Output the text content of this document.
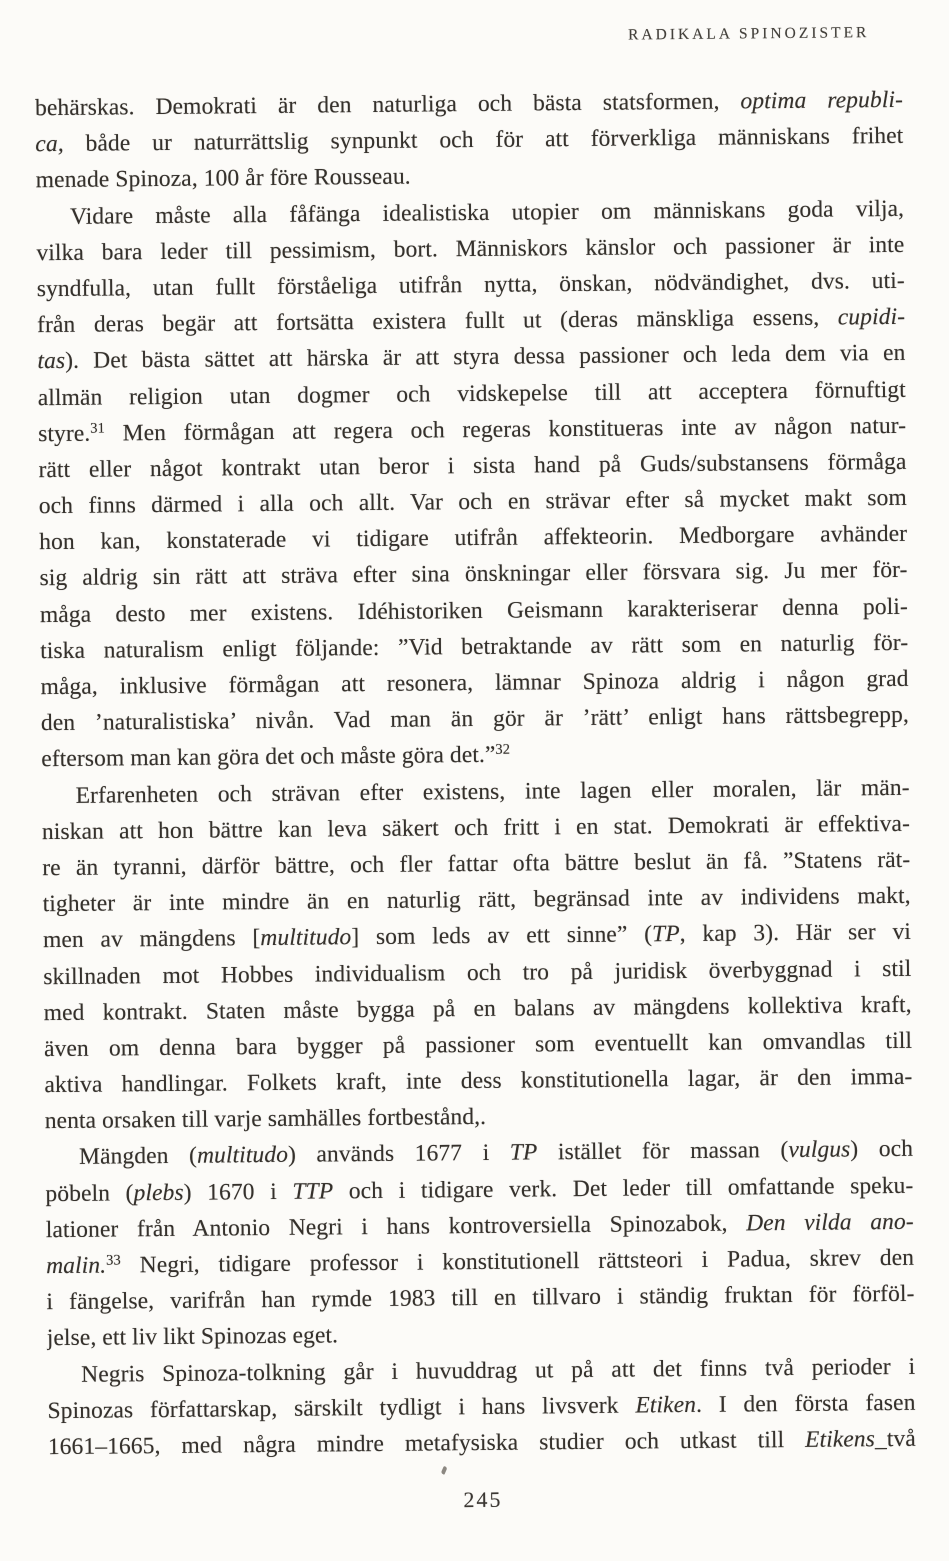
RADIKALA SPINOZISTER
behärskas. Demokrati är den naturliga och bästa statsformen, optima republi-
ca, både ur naturrättslig synpunkt och för att förverkliga människans frihet
menade Spinoza, 100 år före Rousseau.
Vidare måste alla fåfänga idealistiska utopier om människans goda vilja,
vilka bara leder till pessimism, bort. Människors känslor och passioner är inte
syndfulla, utan fullt förståeliga utifrån nytta, önskan, nödvändighet, dvs. uti-
från deras begär att fortsätta existera fullt ut (deras mänskliga essens, cupidi-
tas). Det bästa sättet att härska är att styra dessa passioner och leda dem via en
allmän religion utan dogmer och vidskepelse till att acceptera förnuftigt
styre.$^{31}$ Men förmågan att regera och regeras konstitueras inte av någon natur-
rätt eller något kontrakt utan beror i sista hand på Guds/substansens förmåga
och finns därmed i alla och allt. Var och en strävar efter så mycket makt som
hon kan, konstaterade vi tidigare utifrån affekteorin. Medborgare avhänder
sig aldrig sin rätt att sträva efter sina önskningar eller försvara sig. Ju mer för-
måga desto mer existens. Idéhistoriken Geismann karakteriserar denna poli-
tiska naturalism enligt följande: ”Vid betraktande av rätt som en naturlig för-
måga, inklusive förmågan att resonera, lämnar Spinoza aldrig i någon grad
den ’naturalistiska’ nivån. Vad man än gör är ’rätt’ enligt hans rättsbegrepp,
eftersom man kan göra det och måste göra det.”$^{32}$
Erfarenheten och strävan efter existens, inte lagen eller moralen, lär män-
niskan att hon bättre kan leva säkert och fritt i en stat. Demokrati är effektiva-
re än tyranni, därför bättre, och fler fattar ofta bättre beslut än få. ”Statens rät-
tigheter är inte mindre än en naturlig rätt, begränsad inte av individens makt,
men av mängdens [multitudo] som leds av ett sinne” (TP, kap 3). Här ser vi
skillnaden mot Hobbes individualism och tro på juridisk överbyggnad i stil
med kontrakt. Staten måste bygga på en balans av mängdens kollektiva kraft,
även om denna bara bygger på passioner som eventuellt kan omvandlas till
aktiva handlingar. Folkets kraft, inte dess konstitutionella lagar, är den imma-
nenta orsaken till varje samhälles fortbestånd,.
Mängden (multitudo) används 1677 i TP istället för massan (vulgus) och
pöbeln (plebs) 1670 i TTP och i tidigare verk. Det leder till omfattande speku-
lationer från Antonio Negri i hans kontroversiella Spinozabok, Den vilda ano-
malin.$^{33}$ Negri, tidigare professor i konstitutionell rättsteori i Padua, skrev den
i fängelse, varifrån han rymde 1983 till en tillvaro i ständig fruktan för förföl-
jelse, ett liv likt Spinozas eget.
Negris Spinoza-tolkning går i huvuddrag ut på att det finns två perioder i
Spinozas författarskap, särskilt tydligt i hans livsverk Etiken. I den första fasen
1661–1665, med några mindre metafysiska studier och utkast till Etikens_två
245
